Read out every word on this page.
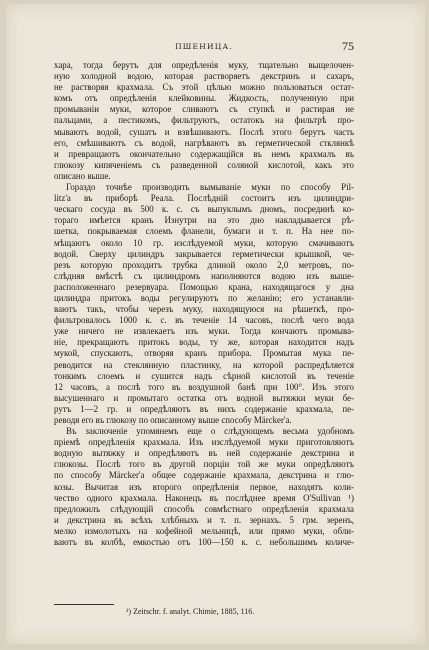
ПШЕНИЦА.	75
хара, тогда берутъ для опредѣленія муку, тщательно выщелочен-
ную холодной водою, которая растворяетъ декстринъ и сахаръ,
не растворяя крахмала. Съ этой цѣлью можно пользоваться остат-
комъ отъ опредѣленія клейковины. Жидкость, полученную при
промываніи муки, которое сливаютъ съ ступкѣ и растирая не
пальцами, а пестикомъ, фильтруютъ, остатокъ на фильтрѣ про-
мываютъ водой, сушатъ и взвѣшиваютъ. Послѣ этого берутъ часть
его, смѣшиваютъ съ водой, нагрѣваютъ въ герметической стклянкѣ
и превращаютъ окончательно содержащійся въ немъ крахмалъ въ
глюкозу кипяченіемъ съ разведенной соляной кислотой, какъ это
описано выше.
Гораздо точнѣе производить вымываніе муки по способу Pil-
litz'а въ приборѣ Реала. Послѣдній состоитъ изъ цилиндри-
ческаго сосуда въ 500 к. с. съ выпуклымъ дномъ, посрединѣ ко-
тораго имѣется кранъ Изнутри на это дно накладывается рѣ-
шетка, покрываемая слоемъ фланели, бумаги и т. п. На нее по-
мѣщаютъ около 10 гр. изслѣдуемой муки, которую смачиваютъ
водой. Сверху цилиндръ закрывается герметически крышкой, че-
резъ которую проходитъ трубка длиной около 2,0 метровъ, по-
слѣдняя вмѣстѣ съ цилиндромъ наполняются водою изъ выше-
расположеннаго резервуара. Помощью крана, находящагося у дна
цилиндра притокъ воды регулируютъ по желанію; его устанавли-
ваютъ такъ, чтобы черезъ муку, находящуюся на рѣшеткѣ, про-
фильтровалось 1000 к. с. въ теченіе 14 часовъ, послѣ чего вода
уже ничего не извлекаетъ изъ муки. Тогда кончаютъ промыва-
ніе, прекращаютъ притокъ воды, ту же, которая находится надъ
мукой, спускаютъ, отворяя кранъ прибора. Промытая мука пе-
реводится на стеклянную пластинку, на которой распредѣляется
тонкимъ слоемъ и сушится надъ сѣрной кислотой въ теченіе
12 часовъ, а послѣ того въ воздушной банѣ при 100°. Изъ этого
высушеннаго и промытаго остатка отъ водной вытяжки муки бе-
рутъ 1—2 гр. и опредѣляютъ въ нихъ содержаніе крахмала, пе-
реводя его въ глюкозу по описанному выше способу Märcker'а.
Въ заключеніе упомянемъ еще о слѣдующемъ весьма удобномъ
пріемѣ опредѣленія крахмала. Изъ изслѣдуемой муки приготовляютъ
водную вытяжку и опредѣляютъ въ ней содержаніе декстрина и
глюкозы. Послѣ того въ другой порціи той же муки опредѣляютъ
по способу Märcker'а общее содержаніе крахмала, декстрина и глю-
козы. Вычитая изъ второго опредѣленія первое, находятъ коли-
чество одного крахмала. Наконецъ въ послѣднее время O'Sullivan ¹)
предложилъ слѣдующій способъ совмѣстнаго опредѣленія крахмала
и декстрина въ всѣхъ хлѣбныхъ и т. п. зернахъ. 5 грм. зеренъ,
мелко измолотыхъ на кофейной мельницѣ, или прямо муки, обли-
ваютъ въ колбѣ, емкостью отъ 100—150 к. с. небольшимъ количе-
¹) Zeitschr. f. analyt. Chimie, 1885, 116.
